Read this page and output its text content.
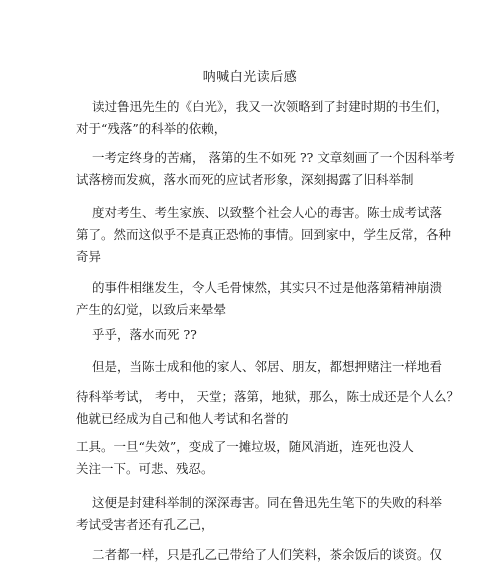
呐喊白光读后感
读过鲁迅先生的《白光》，我又一次领略到了封建时期的书生们，
对于“残落”的科举的依赖，
一考定终身的苦痛， 落第的生不如死 ?? 文章刻画了一个因科举考
试落榜而发疯，落水而死的应试者形象，深刻揭露了旧科举制
度对考生、考生家族、以致整个社会人心的毒害。陈士成考试落
第了。然而这似乎不是真正恐怖的事情。回到家中，学生反常，各种
奇异
的事件相继发生，令人毛骨悚然，其实只不过是他落第精神崩溃
产生的幻觉，以致后来晕晕
乎乎，落水而死 ??
但是，当陈士成和他的家人、邻居、朋友，都想押赌注一样地看
待科举考试， 考中， 天堂；落第，地狱，那么，陈士成还是个人么？
他就已经成为自己和他人考试和名誉的
工具。一旦“失效”，变成了一摊垃圾，随风消逝，连死也没人
关注一下。可悲、残忍。
这便是封建科举制的深深毒害。同在鲁迅先生笔下的失败的科举
考试受害者还有孔乙己，
二者都一样，只是孔乙己带给了人们笑料，茶余饭后的谈资。仅
